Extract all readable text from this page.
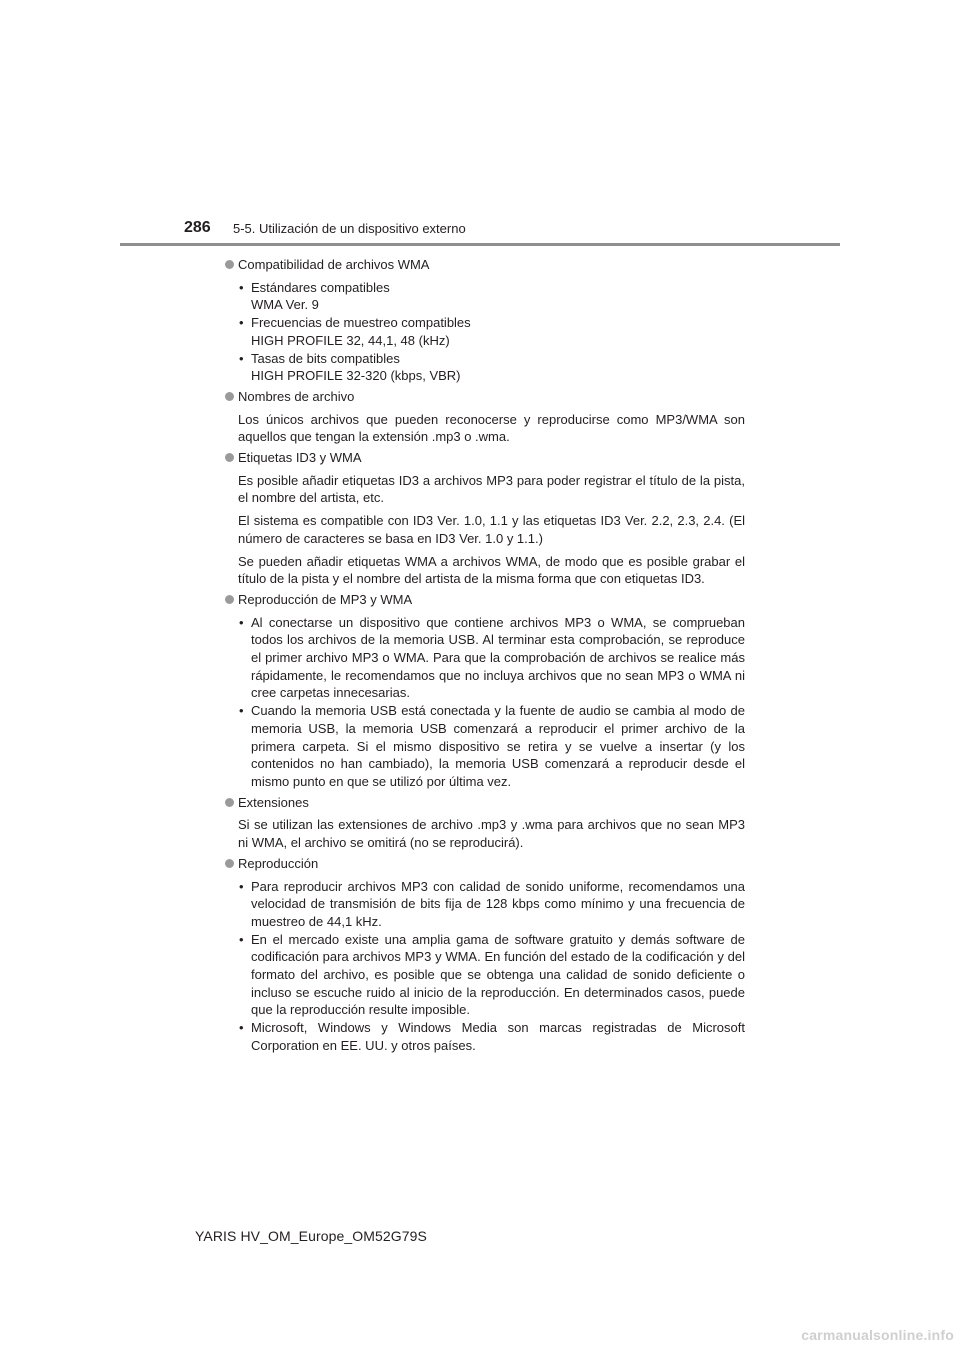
286 5-5. Utilización de un dispositivo externo
Compatibilidad de archivos WMA
• Estándares compatibles
WMA Ver. 9
• Frecuencias de muestreo compatibles
HIGH PROFILE 32, 44,1, 48 (kHz)
• Tasas de bits compatibles
HIGH PROFILE 32-320 (kbps, VBR)
Nombres de archivo

Los únicos archivos que pueden reconocerse y reproducirse como MP3/WMA son aquellos que tengan la extensión .mp3 o .wma.

Etiquetas ID3 y WMA

Es posible añadir etiquetas ID3 a archivos MP3 para poder registrar el título de la pista, el nombre del artista, etc.

El sistema es compatible con ID3 Ver. 1.0, 1.1 y las etiquetas ID3 Ver. 2.2, 2.3, 2.4. (El número de caracteres se basa en ID3 Ver. 1.0 y 1.1.)

Se pueden añadir etiquetas WMA a archivos WMA, de modo que es posible grabar el título de la pista y el nombre del artista de la misma forma que con etiquetas ID3.

Reproducción de MP3 y WMA
• Al conectarse un dispositivo que contiene archivos MP3 o WMA, se comprueban todos los archivos de la memoria USB. Al terminar esta comprobación, se reproduce el primer archivo MP3 o WMA. Para que la comprobación de archivos se realice más rápidamente, le recomendamos que no incluya archivos que no sean MP3 o WMA ni cree carpetas innecesarias.
• Cuando la memoria USB está conectada y la fuente de audio se cambia al modo de memoria USB, la memoria USB comenzará a reproducir el primer archivo de la primera carpeta. Si el mismo dispositivo se retira y se vuelve a insertar (y los contenidos no han cambiado), la memoria USB comenzará a reproducir desde el mismo punto en que se utilizó por última vez.
Extensiones

Si se utilizan las extensiones de archivo .mp3 y .wma para archivos que no sean MP3 ni WMA, el archivo se omitirá (no se reproducirá).

Reproducción
• Para reproducir archivos MP3 con calidad de sonido uniforme, recomendamos una velocidad de transmisión de bits fija de 128 kbps como mínimo y una frecuencia de muestreo de 44,1 kHz.
• En el mercado existe una amplia gama de software gratuito y demás software de codificación para archivos MP3 y WMA. En función del estado de la codificación y del formato del archivo, es posible que se obtenga una calidad de sonido deficiente o incluso se escuche ruido al inicio de la reproducción. En determinados casos, puede que la reproducción resulte imposible.
• Microsoft, Windows y Windows Media son marcas registradas de Microsoft Corporation en EE. UU. y otros países.
YARIS HV_OM_Europe_OM52G79S
carmanualsonline.info
